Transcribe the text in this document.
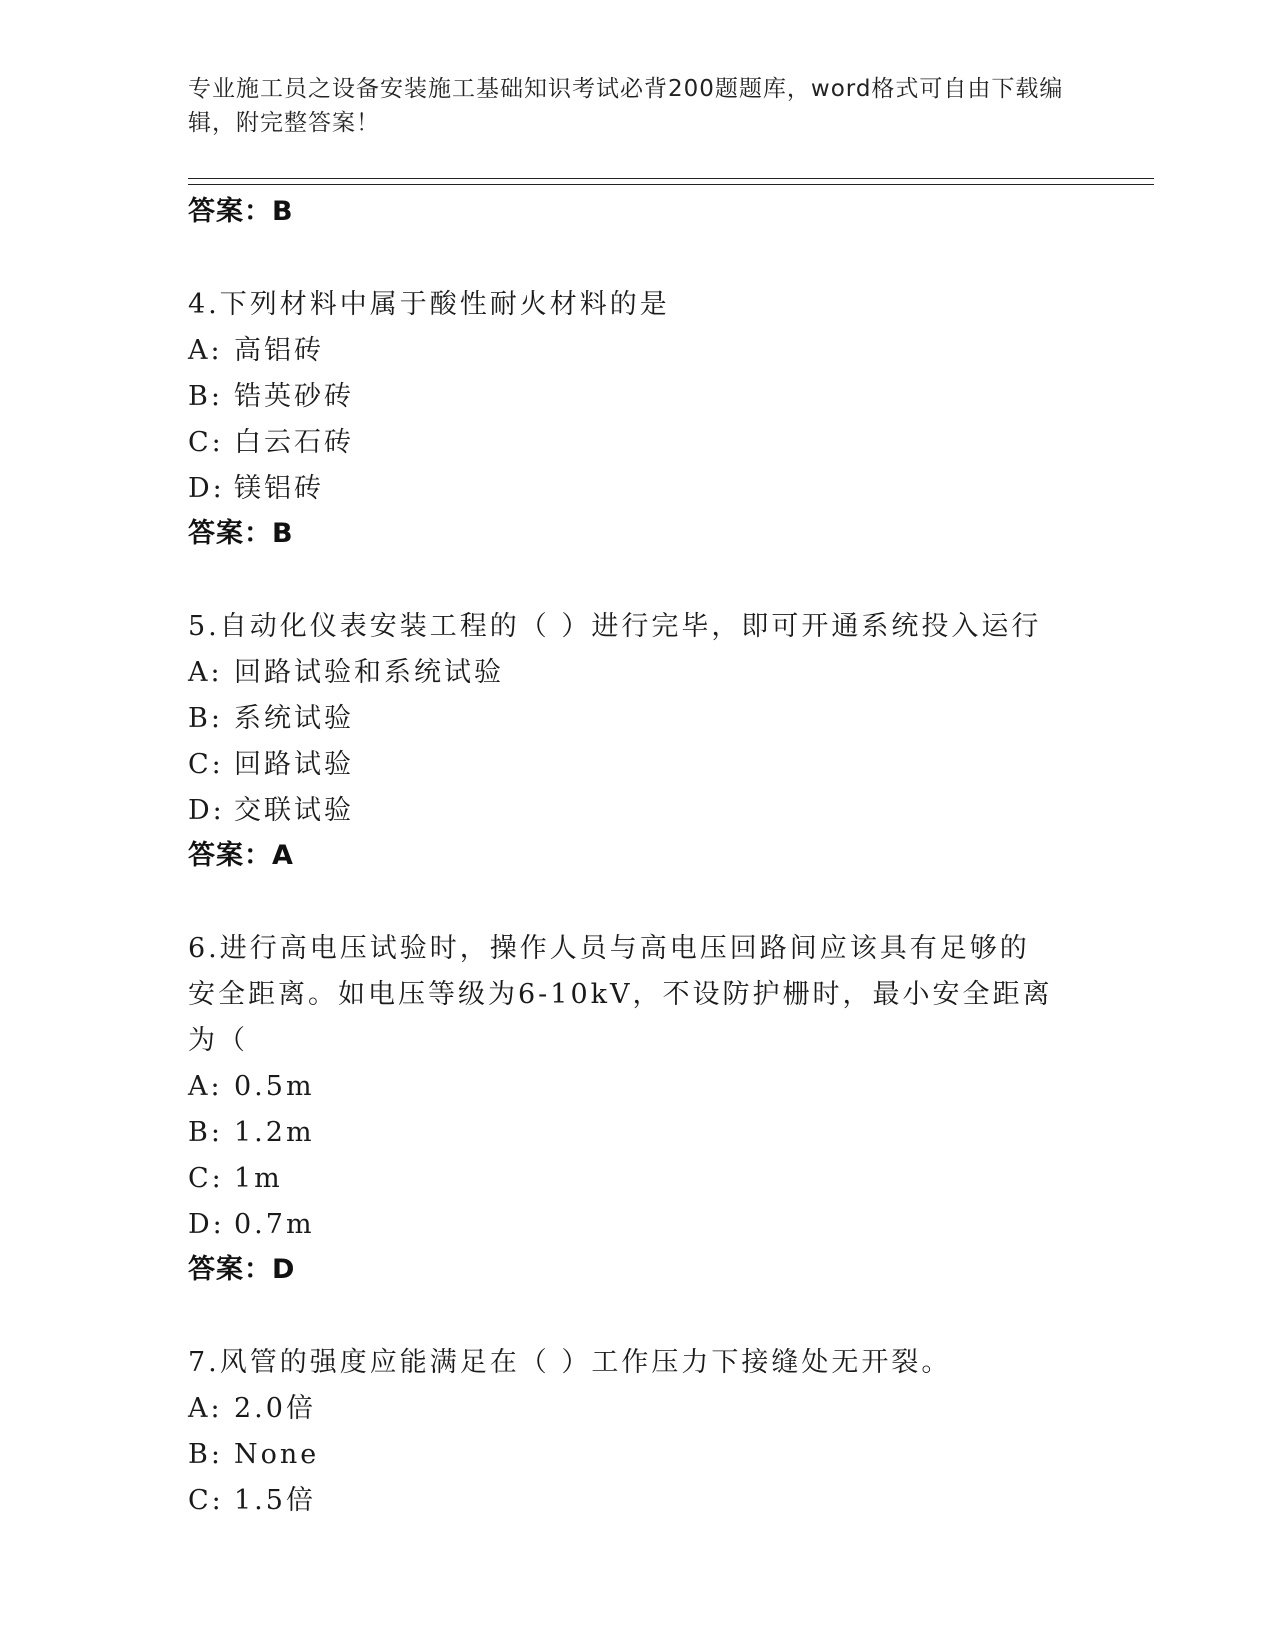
专业施工员之设备安装施工基础知识考试必背200题题库，word格式可自由下载编辑，附完整答案！
答案：B
4.下列材料中属于酸性耐火材料的是
A: 高铝砖
B: 锆英砂砖
C: 白云石砖
D: 镁铝砖
答案：B
5.自动化仪表安装工程的（ ）进行完毕，即可开通系统投入运行
A: 回路试验和系统试验
B: 系统试验
C: 回路试验
D: 交联试验
答案：A
6.进行高电压试验时，操作人员与高电压回路间应该具有足够的安全距离。如电压等级为6-10kV，不设防护栅时，最小安全距离为（
A: 0.5m
B: 1.2m
C: 1m
D: 0.7m
答案：D
7.风管的强度应能满足在（ ）工作压力下接缝处无开裂。
A: 2.0倍
B: None
C: 1.5倍
